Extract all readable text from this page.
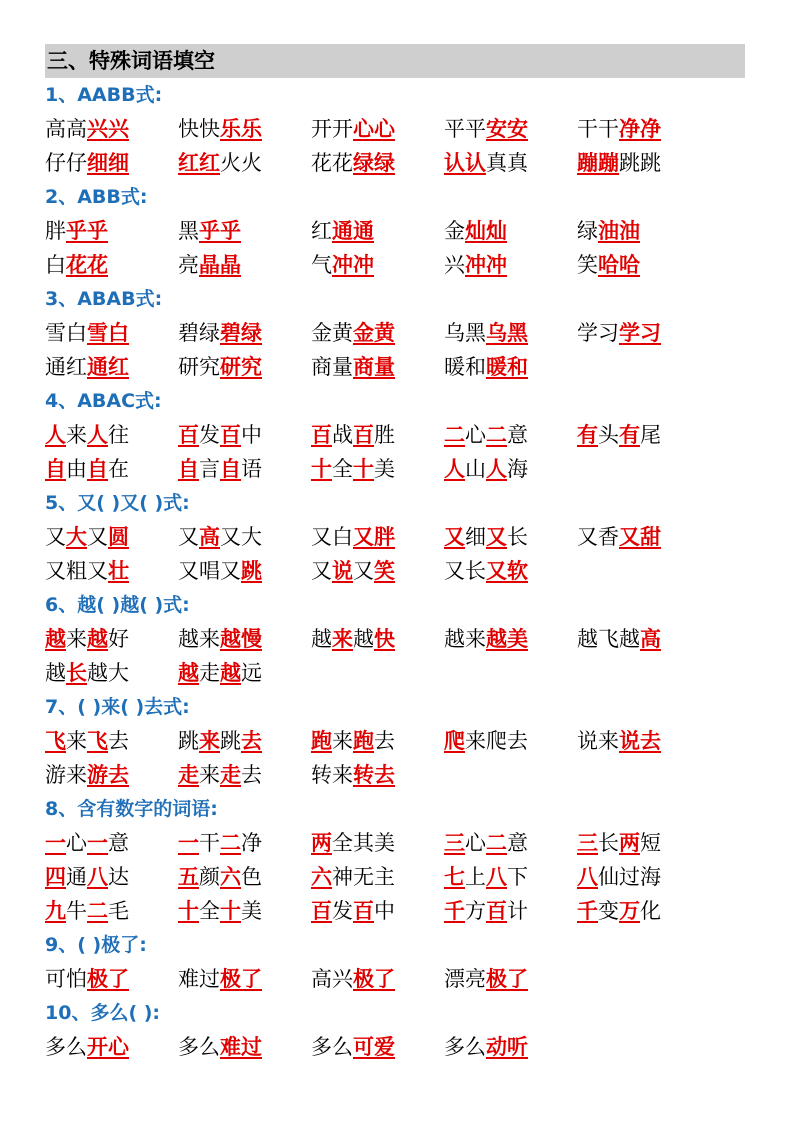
三、特殊词语填空
1、AABB式:
高高兴兴	快快乐乐	开开心心	平平安安	干干净净
仔仔细细	红红火火	花花绿绿	认认真真	蹦蹦跳跳
2、ABB式:
胖乎乎	黑乎乎	红通通	金灿灿	绿油油
白花花	亮晶晶	气冲冲	兴冲冲	笑哈哈
3、ABAB式:
雪白雪白	碧绿碧绿	金黄金黄	乌黑乌黑	学习学习
通红通红	研究研究	商量商量	暖和暖和
4、ABAC式:
人来人往	百发百中	百战百胜	二心二意	有头有尾
自由自在	自言自语	十全十美	人山人海
5、又( )又( )式:
又大又圆	又高又大	又白又胖	又细又长	又香又甜
又粗又壮	又唱又跳	又说又笑	又长又软
6、越( )越( )式:
越来越好	越来越慢	越来越快	越来越美	越飞越高
越长越大	越走越远
7、( )来( )去式:
飞来飞去	跳来跳去	跑来跑去	爬来爬去	说来说去
游来游去	走来走去	转来转去
8、含有数字的词语:
一心一意	一干二净	两全其美	三心二意	三长两短
四通八达	五颜六色	六神无主	七上八下	八仙过海
九牛二毛	十全十美	百发百中	千方百计	千变万化
9、( )极了:
可怕极了	难过极了	高兴极了	漂亮极了
10、多么( ):
多么开心	多么难过	多么可爱	多么动听
